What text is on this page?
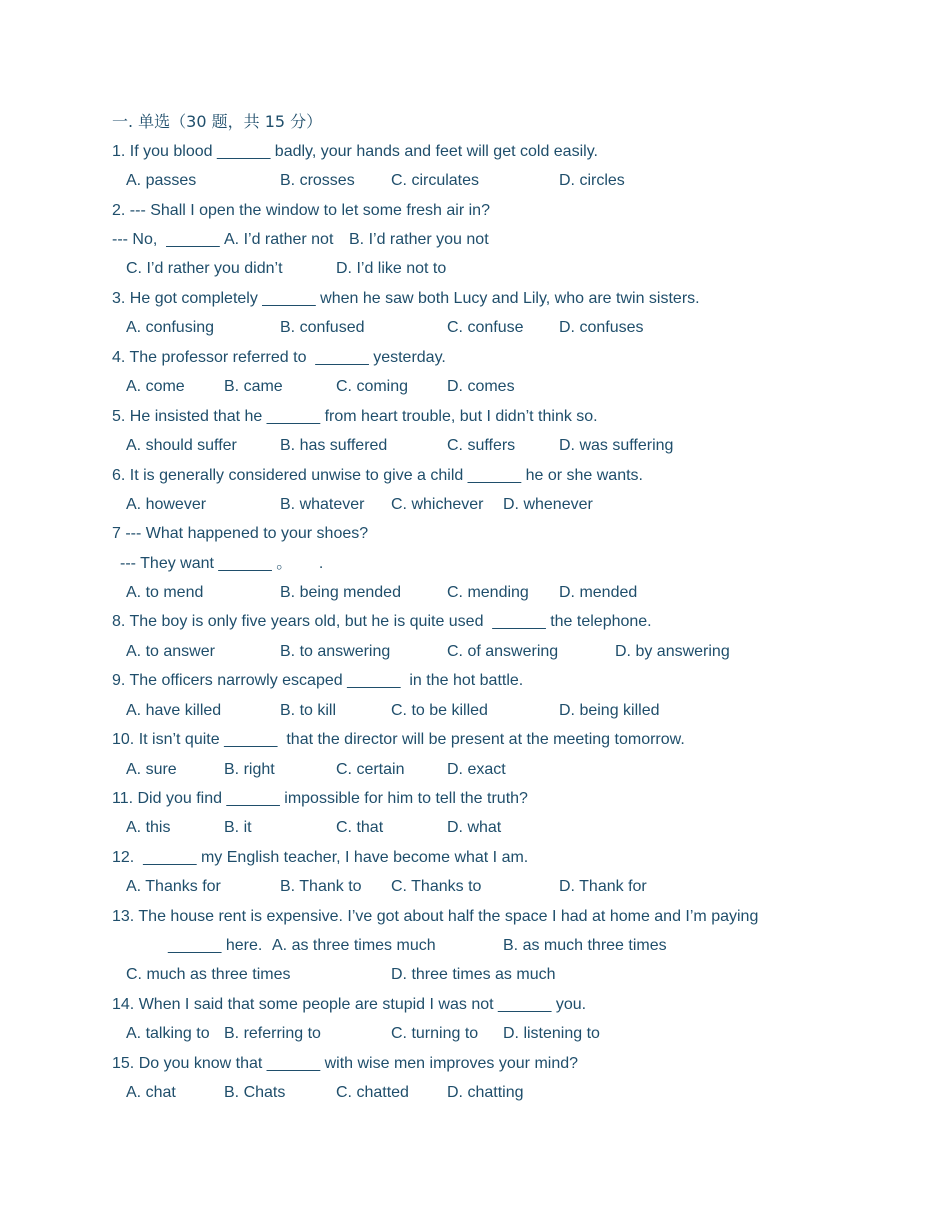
一. 单选（30 题，共 15 分）
1. If you blood ______ badly, your hands and feet will get cold easily.
A. passes	B. crosses C. circulates	D. circles
2. --- Shall I open the window to let some fresh air in?
--- No,  ______ A. I’d rather not B. I’d rather you not
C. I’d rather you didn’t	D. I’d like not to
3. He got completely ______ when he saw both Lucy and Lily, who are twin sisters.
A. confusing	B. confused	C. confuse D. confuses
4. The professor referred to  ______ yesterday.
A. come B. came	C. coming D. comes
5. He insisted that he ______ from heart trouble, but I didn’t think so.
A. should suffer	B. has suffered	C. suffers	D. was suffering
6. It is generally considered unwise to give a child ______ he or she wants.
A. however	B. whatever C. whichever D. whenever
7 --- What happened to your shoes?
--- They want ______ 。      .
A. to mend	B. being mended	C. mending D. mended
8. The boy is only five years old, but he is quite used  ______ the telephone.
A. to answer	B. to answering	C. of answering	D. by answering
9. The officers narrowly escaped ______  in the hot battle.
A. have killed	B. to kill	C. to be killed	D. being killed
10. It isn’t quite ______  that the director will be present at the meeting tomorrow.
A. sure	B. right	C. certain	D. exact
11. Did you find ______ impossible for him to tell the truth?
A. this	B. it	C. that	D. what
12.  ______ my English teacher, I have become what I am.
A. Thanks for	B. Thank to C. Thanks to	D. Thank for
13. The house rent is expensive. I’ve got about half the space I had at home and I’m paying
______ here. A. as three times much	B. as much three times
C. much as three times	D. three times as much
14. When I said that some people are stupid I was not ______ you.
A. talking to B. referring to	C. turning to D. listening to
15. Do you know that ______ with wise men improves your mind?
A. chat	B. Chats	C. chatted D. chatting
